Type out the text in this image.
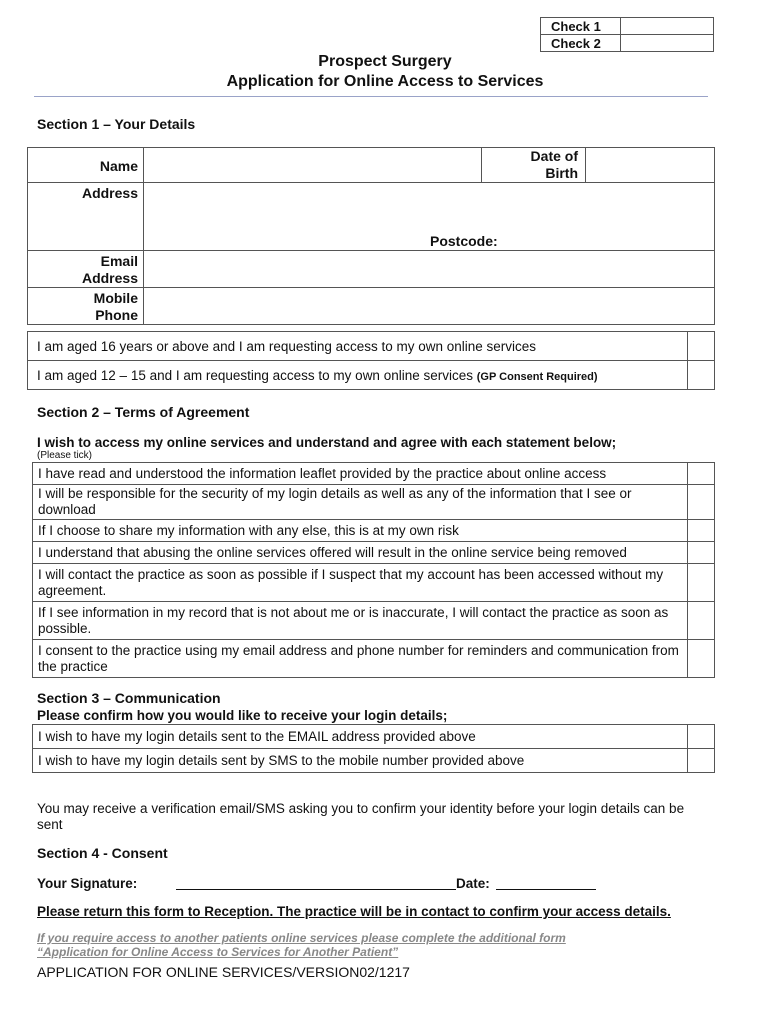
Check 1	
Check 2	
Prospect Surgery
Application for Online Access to Services
Section 1 – Your Details
Name		Date of
Birth	

Address	Postcode:		

Email
Address			

Mobile
Phone			

I am aged 16 years or above and I am requesting access to my own online services	
I am aged 12 – 15 and I am requesting access to my own online services (GP Consent Required)	
Section 2 – Terms of Agreement
I wish to access my online services and understand and agree with each statement below;
(Please tick)
I have read and understood the information leaflet provided by the practice about online access	
I will be responsible for the security of my login details as well as any of the information that I see or download	
If I choose to share my information with any else, this is at my own risk	
I understand that abusing the online services offered will result in the online service being removed	
I will contact the practice as soon as possible if I suspect that my account has been accessed without my agreement.	
If I see information in my record that is not about me or is inaccurate, I will contact the practice as soon as possible.	
I consent to the practice using my email address and phone number for reminders and communication from the practice	
Section 3 – Communication
Please confirm how you would like to receive your login details;
I wish to have my login details sent to the EMAIL address provided above	
I wish to have my login details sent by SMS to the mobile number provided above	
You may receive a verification email/SMS asking you to confirm your identity before your login details can be sent
Section 4 - Consent
Your Signature:	Date:
Please return this form to Reception. The practice will be in contact to confirm your access details.
If you require access to another patients online services please complete the additional form
“Application for Online Access to Services for Another Patient”
APPLICATION FOR ONLINE SERVICES/VERSION02/1217
